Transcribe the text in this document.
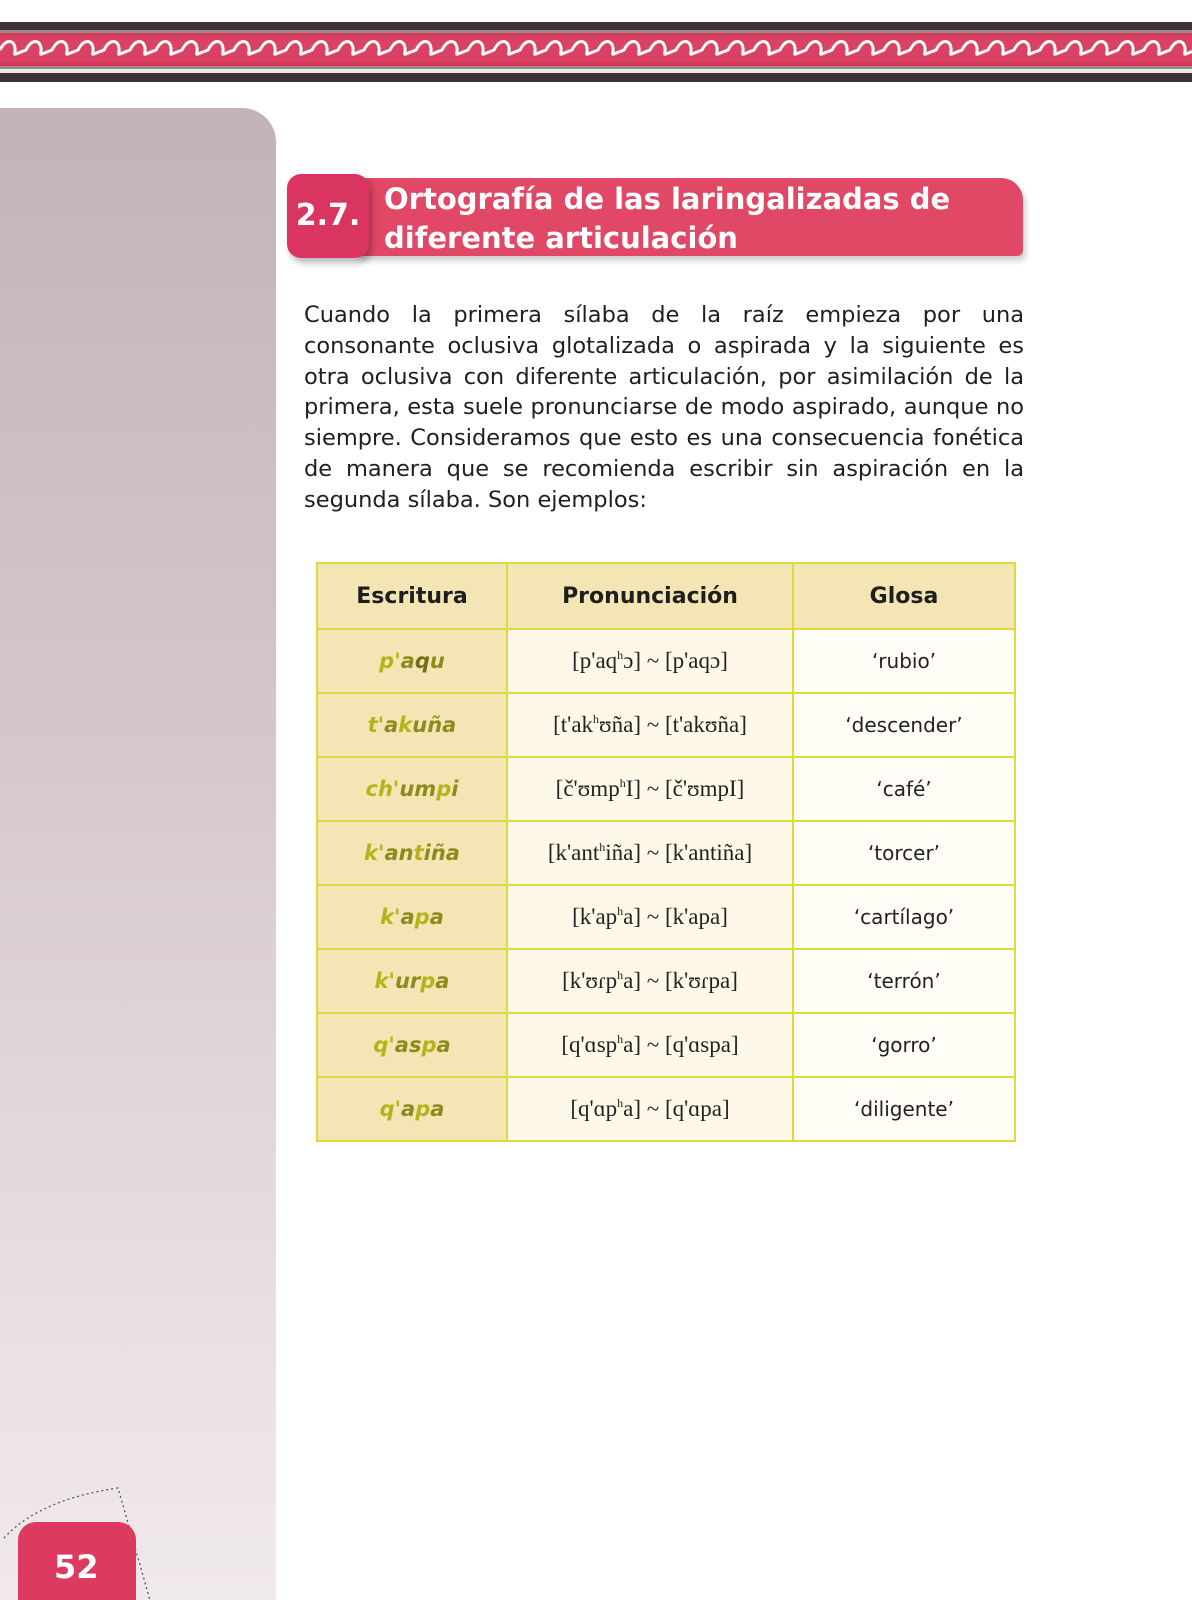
52
2.7. Ortografía de las laringalizadas de diferente articulación

Cuando la primera sílaba de la raíz empieza por una consonante oclusiva glotalizada o aspirada y la siguiente es otra oclusiva con diferente articulación, por asimilación de la primera, esta suele pronunciarse de modo aspirado, aunque no siempre. Consideramos que esto es una consecuencia fonética de manera que se recomienda escribir sin aspiración en la segunda sílaba. Son ejemplos:

Escritura	Pronunciación	Glosa
p'aqu	$[p'aq^hɔ]$ ~ [p'aqɔ]	‘rubio’
t'akuña	$[t'ak^hʊña]$ ~ [t'akʊña]	‘descender’
ch'umpi	[č'ʊmp$^h$I] ~ [č'ʊmpI]	‘café’
k'antiña	[k'ant$^h$iña] ~ [k'antiña]	‘torcer’
k'apa	$[k'ap^ha]$ ~ [k'apa]	‘cartílago’
k'urpa	[k'ʊɾp$^h$a] ~ [k'ʊɾpa]	‘terrón’
q'aspa	[q'ɑsp$^h$a] ~ [q'ɑspa]	‘gorro’
q'apa	[q'ɑp$^h$a] ~ [q'ɑpa]	‘diligente’
